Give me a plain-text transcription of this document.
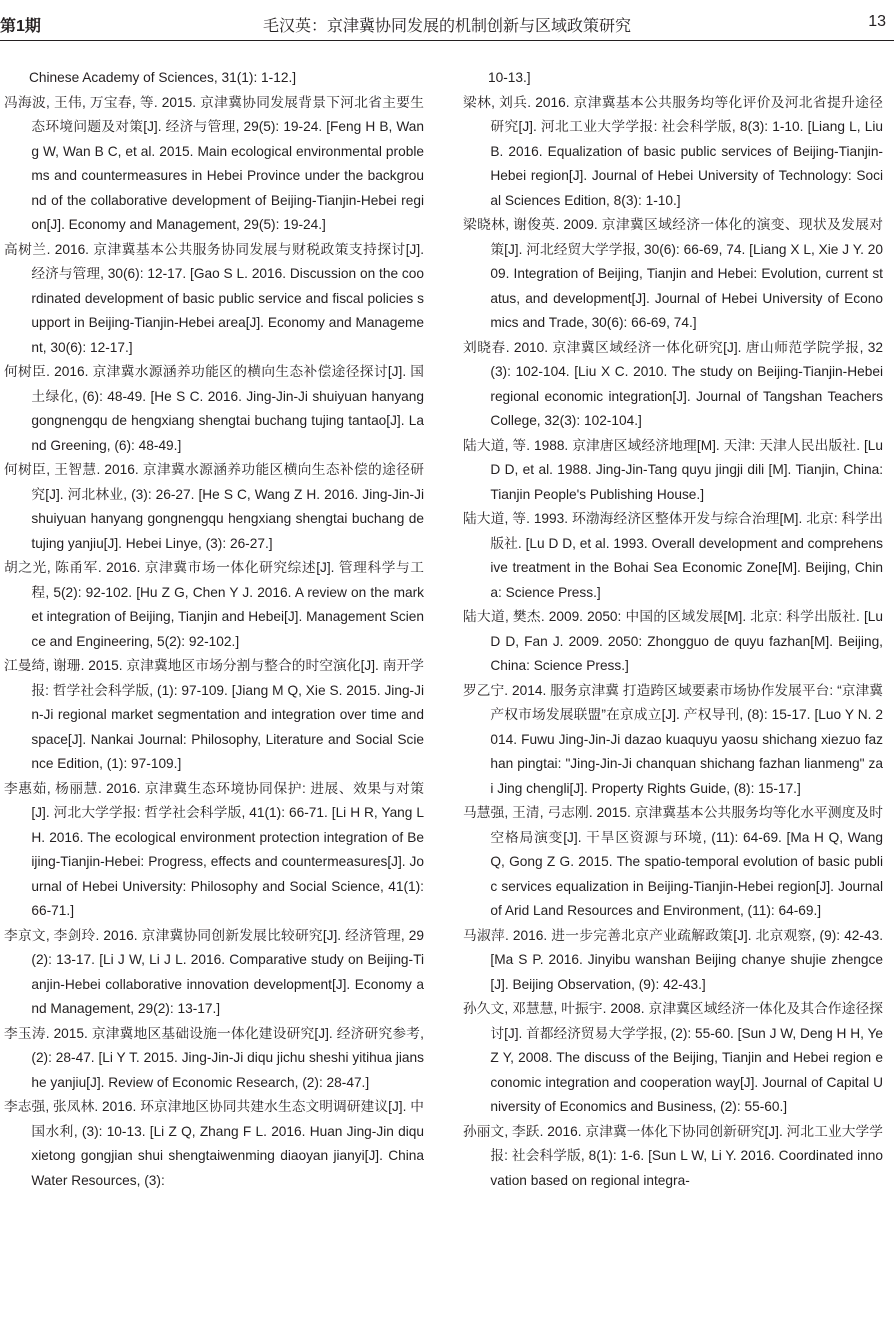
第1期	毛汉英：京津冀协同发展的机制创新与区域政策研究	13

Chinese Academy of Sciences, 31(1): 1-12.]

冯海波, 王伟, 万宝春, 等. 2015. 京津冀协同发展背景下河北省主要生态环境问题及对策[J]. 经济与管理, 29(5): 19-24. [Feng H B, Wang W, Wan B C, et al. 2015. Main ecological environmental problems and countermeasures in Hebei Province under the background of the collaborative development of Beijing-Tianjin-Hebei region[J]. Economy and Management, 29(5): 19-24.]

高树兰. 2016. 京津冀基本公共服务协同发展与财税政策支持探讨[J]. 经济与管理, 30(6): 12-17. [Gao S L. 2016. Discussion on the coordinated development of basic public service and fiscal policies support in Beijing-Tianjin-Hebei area[J]. Economy and Management, 30(6): 12-17.]

何树臣. 2016. 京津冀水源涵养功能区的横向生态补偿途径探讨[J]. 国土绿化, (6): 48-49. [He S C. 2016. Jing-Jin-Ji shuiyuan hanyang gongnengqu de hengxiang shengtai buchang tujing tantao[J]. Land Greening, (6): 48-49.]

何树臣, 王智慧. 2016. 京津冀水源涵养功能区横向生态补偿的途径研究[J]. 河北林业, (3): 26-27. [He S C, Wang Z H. 2016. Jing-Jin-Ji shuiyuan hanyang gongnengqu hengxiang shengtai buchang de tujing yanjiu[J]. Hebei Linye, (3): 26-27.]

胡之光, 陈甬军. 2016. 京津冀市场一体化研究综述[J]. 管理科学与工程, 5(2): 92-102. [Hu Z G, Chen Y J. 2016. A review on the market integration of Beijing, Tianjin and Hebei[J]. Management Science and Engineering, 5(2): 92-102.]

江曼绮, 谢珊. 2015. 京津冀地区市场分割与整合的时空演化[J]. 南开学报: 哲学社会科学版, (1): 97-109. [Jiang M Q, Xie S. 2015. Jing-Jin-Ji regional market segmentation and integration over time and space[J]. Nankai Journal: Philosophy, Literature and Social Science Edition, (1): 97-109.]

李惠茹, 杨丽慧. 2016. 京津冀生态环境协同保护: 进展、效果与对策[J]. 河北大学学报: 哲学社会科学版, 41(1): 66-71. [Li H R, Yang L H. 2016. The ecological environment protection integration of Beijing-Tianjin-Hebei: Progress, effects and countermeasures[J]. Journal of Hebei University: Philosophy and Social Science, 41(1): 66-71.]

李京文, 李剑玲. 2016. 京津冀协同创新发展比较研究[J]. 经济管理, 29(2): 13-17. [Li J W, Li J L. 2016. Comparative study on Beijing-Tianjin-Hebei collaborative innovation development[J]. Economy and Management, 29(2): 13-17.]

李玉涛. 2015. 京津冀地区基础设施一体化建设研究[J]. 经济研究参考, (2): 28-47. [Li Y T. 2015. Jing-Jin-Ji diqu jichu sheshi yitihua jianshe yanjiu[J]. Review of Economic Research, (2): 28-47.]

李志强, 张凤林. 2016. 环京津地区协同共建水生态文明调研建议[J]. 中国水利, (3): 10-13. [Li Z Q, Zhang F L. 2016. Huan Jing-Jin diqu xietong gongjian shui shengtaiwenming diaoyan jianyi[J]. China Water Resources, (3):

10-13.]

梁林, 刘兵. 2016. 京津冀基本公共服务均等化评价及河北省提升途径研究[J]. 河北工业大学学报: 社会科学版, 8(3): 1-10. [Liang L, Liu B. 2016. Equalization of basic public services of Beijing-Tianjin-Hebei region[J]. Journal of Hebei University of Technology: Social Sciences Edition, 8(3): 1-10.]

梁晓林, 谢俊英. 2009. 京津冀区域经济一体化的演变、现状及发展对策[J]. 河北经贸大学学报, 30(6): 66-69, 74. [Liang X L, Xie J Y. 2009. Integration of Beijing, Tianjin and Hebei: Evolution, current status, and development[J]. Journal of Hebei University of Economics and Trade, 30(6): 66-69, 74.]

刘晓春. 2010. 京津冀区域经济一体化研究[J]. 唐山师范学院学报, 32(3): 102-104. [Liu X C. 2010. The study on Beijing-Tianjin-Hebei regional economic integration[J]. Journal of Tangshan Teachers College, 32(3): 102-104.]

陆大道, 等. 1988. 京津唐区域经济地理[M]. 天津: 天津人民出版社. [Lu D D, et al. 1988. Jing-Jin-Tang quyu jingji dili [M]. Tianjin, China: Tianjin People's Publishing House.]

陆大道, 等. 1993. 环渤海经济区整体开发与综合治理[M]. 北京: 科学出版社. [Lu D D, et al. 1993. Overall development and comprehensive treatment in the Bohai Sea Economic Zone[M]. Beijing, China: Science Press.]

陆大道, 樊杰. 2009. 2050: 中国的区域发展[M]. 北京: 科学出版社. [Lu D D, Fan J. 2009. 2050: Zhongguo de quyu fazhan[M]. Beijing, China: Science Press.]

罗乙宁. 2014. 服务京津冀 打造跨区域要素市场协作发展平台: “京津冀产权市场发展联盟”在京成立[J]. 产权导刊, (8): 15-17. [Luo Y N. 2014. Fuwu Jing-Jin-Ji dazao kuaquyu yaosu shichang xiezuo fazhan pingtai: "Jing-Jin-Ji chanquan shichang fazhan lianmeng" zai Jing chengli[J]. Property Rights Guide, (8): 15-17.]

马慧强, 王清, 弓志刚. 2015. 京津冀基本公共服务均等化水平测度及时空格局演变[J]. 干旱区资源与环境, (11): 64-69. [Ma H Q, Wang Q, Gong Z G. 2015. The spatio-temporal evolution of basic public services equalization in Beijing-Tianjin-Hebei region[J]. Journal of Arid Land Resources and Environment, (11): 64-69.]

马淑萍. 2016. 进一步完善北京产业疏解政策[J]. 北京观察, (9): 42-43. [Ma S P. 2016. Jinyibu wanshan Beijing chanye shujie zhengce[J]. Beijing Observation, (9): 42-43.]

孙久文, 邓慧慧, 叶振宇. 2008. 京津冀区域经济一体化及其合作途径探讨[J]. 首都经济贸易大学学报, (2): 55-60. [Sun J W, Deng H H, Ye Z Y, 2008. The discuss of the Beijing, Tianjin and Hebei region economic integration and cooperation way[J]. Journal of Capital University of Economics and Business, (2): 55-60.]

孙丽文, 李跃. 2016. 京津冀一体化下协同创新研究[J]. 河北工业大学学报: 社会科学版, 8(1): 1-6. [Sun L W, Li Y. 2016. Coordinated innovation based on regional integra-
